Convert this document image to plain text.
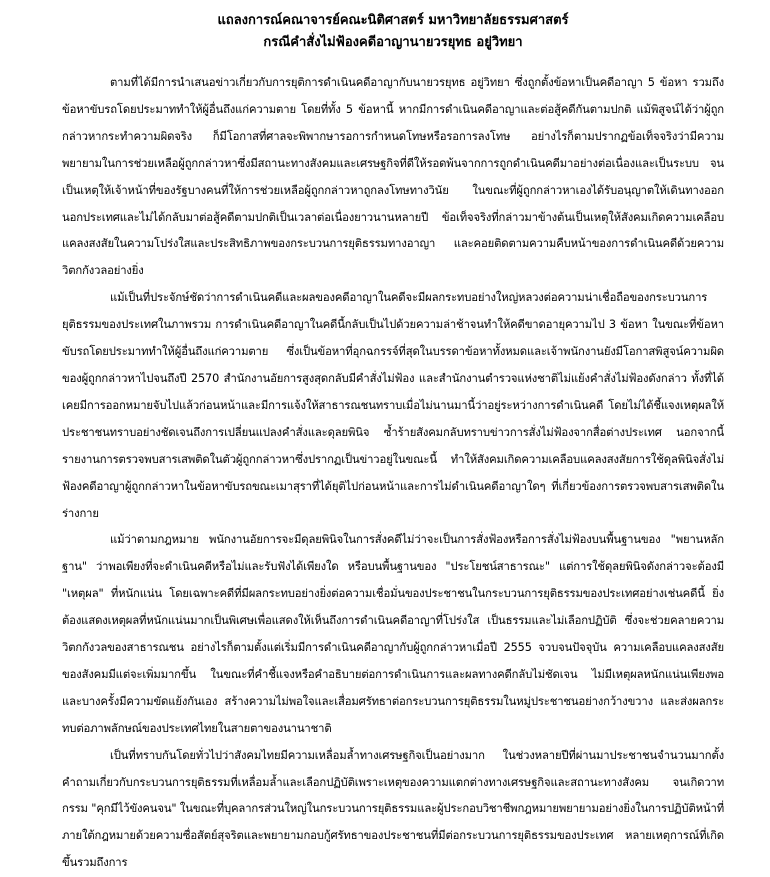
แถลงการณ์คณาจารย์คณะนิติศาสตร์ มหาวิทยาลัยธรรมศาสตร์

กรณีคำสั่งไม่ฟ้องคดีอาญานายวรยุทธ อยู่วิทยา

ตามที่ได้มีการนำเสนอข่าวเกี่ยวกับการยุติการดำเนินคดีอาญากับนายวรยุทธ อยู่วิทยา ซึ่งถูกตั้งข้อหาเป็นคดีอาญา 5 ข้อหา รวมถึงข้อหาขับรถโดยประมาททำให้ผู้อื่นถึงแก่ความตาย โดยที่ทั้ง 5 ข้อหานี้ หากมีการดำเนินคดีอาญาและต่อสู้คดีกันตามปกติ แม้พิสูจน์ได้ว่าผู้ถูกกล่าวหากระทำความผิดจริง ก็มีโอกาสที่ศาลจะพิพากษารอการกำหนดโทษหรือรอการลงโทษ อย่างไรก็ตามปรากฏข้อเท็จจริงว่ามีความพยายามในการช่วยเหลือผู้ถูกกล่าวหาซึ่งมีสถานะทางสังคมและเศรษฐกิจที่ดีให้รอดพ้นจากการถูกดำเนินคดีมาอย่างต่อเนื่องและเป็นระบบ จนเป็นเหตุให้เจ้าหน้าที่ของรัฐบางคนที่ให้การช่วยเหลือผู้ถูกกล่าวหาถูกลงโทษทางวินัย ในขณะที่ผู้ถูกกล่าวหาเองได้รับอนุญาตให้เดินทางออกนอกประเทศและไม่ได้กลับมาต่อสู้คดีตามปกติเป็นเวลาต่อเนื่องยาวนานหลายปี ข้อเท็จจริงที่กล่าวมาข้างต้นเป็นเหตุให้สังคมเกิดความเคลือบแคลงสงสัยในความโปร่งใสและประสิทธิภาพของกระบวนการยุติธรรมทางอาญา และคอยติดตามความคืบหน้าของการดำเนินคดีด้วยความวิตกกังวลอย่างยิ่ง

แม้เป็นที่ประจักษ์ชัดว่าการดำเนินคดีและผลของคดีอาญาในคดีจะมีผลกระทบอย่างใหญ่หลวงต่อความน่าเชื่อถือของกระบวนการยุติธรรมของประเทศในภาพรวม การดำเนินคดีอาญาในคดีนี้กลับเป็นไปด้วยความล่าช้าจนทำให้คดีขาดอายุความไป 3 ข้อหา ในขณะที่ข้อหาขับรถโดยประมาททำให้ผู้อื่นถึงแก่ความตาย ซึ่งเป็นข้อหาที่อุกฉกรรจ์ที่สุดในบรรดาข้อหาทั้งหมดและเจ้าพนักงานยังมีโอกาสพิสูจน์ความผิดของผู้ถูกกล่าวหาไปจนถึงปี 2570 สำนักงานอัยการสูงสุดกลับมีคำสั่งไม่ฟ้อง และสำนักงานตำรวจแห่งชาติไม่แย้งคำสั่งไม่ฟ้องดังกล่าว ทั้งที่ได้เคยมีการออกหมายจับไปแล้วก่อนหน้าและมีการแจ้งให้สาธารณชนทราบเมื่อไม่นานมานี้ว่าอยู่ระหว่างการดำเนินคดี โดยไม่ได้ชี้แจงเหตุผลให้ประชาชนทราบอย่างชัดเจนถึงการเปลี่ยนแปลงคำสั่งและดุลยพินิจ ซ้ำร้ายสังคมกลับทราบข่าวการสั่งไม่ฟ้องจากสื่อต่างประเทศ นอกจากนี้รายงานการตรวจพบสารเสพติดในตัวผู้ถูกกล่าวหาซึ่งปรากฏเป็นข่าวอยู่ในขณะนี้ ทำให้สังคมเกิดความเคลือบแคลงสงสัยการใช้ดุลพินิจสั่งไม่ฟ้องคดีอาญาผู้ถูกกล่าวหาในข้อหาขับรถขณะเมาสุราที่ได้ยุติไปก่อนหน้าและการไม่ดำเนินคดีอาญาใดๆ ที่เกี่ยวข้องการตรวจพบสารเสพติดในร่างกาย

แม้ว่าตามกฎหมาย พนักงานอัยการจะมีดุลยพินิจในการสั่งคดีไม่ว่าจะเป็นการสั่งฟ้องหรือการสั่งไม่ฟ้องบนพื้นฐานของ "พยานหลักฐาน" ว่าพอเพียงที่จะดำเนินคดีหรือไม่และรับฟังได้เพียงใด หรือบนพื้นฐานของ "ประโยชน์สาธารณะ" แต่การใช้ดุลยพินิจดังกล่าวจะต้องมี "เหตุผล" ที่หนักแน่น โดยเฉพาะคดีที่มีผลกระทบอย่างยิ่งต่อความเชื่อมั่นของประชาชนในกระบวนการยุติธรรมของประเทศอย่างเช่นคดีนี้ ยิ่งต้องแสดงเหตุผลที่หนักแน่นมากเป็นพิเศษเพื่อแสดงให้เห็นถึงการดำเนินคดีอาญาที่โปร่งใส เป็นธรรมและไม่เลือกปฏิบัติ ซึ่งจะช่วยคลายความวิตกกังวลของสาธารณชน อย่างไรก็ตามตั้งแต่เริ่มมีการดำเนินคดีอาญากับผู้ถูกกล่าวหาเมื่อปี 2555 จวบจนปัจจุบัน ความเคลือบแคลงสงสัยของสังคมมีแต่จะเพิ่มมากขึ้น ในขณะที่คำชี้แจงหรือคำอธิบายต่อการดำเนินการและผลทางคดีกลับไม่ชัดเจน ไม่มีเหตุผลหนักแน่นเพียงพอ และบางครั้งมีความขัดแย้งกันเอง สร้างความไม่พอใจและเสื่อมศรัทธาต่อกระบวนการยุติธรรมในหมู่ประชาชนอย่างกว้างขวาง และส่งผลกระทบต่อภาพลักษณ์ของประเทศไทยในสายตาของนานาชาติ

เป็นที่ทราบกันโดยทั่วไปว่าสังคมไทยมีความเหลื่อมล้ำทางเศรษฐกิจเป็นอย่างมาก ในช่วงหลายปีที่ผ่านมาประชาชนจำนวนมากตั้งคำถามเกี่ยวกับกระบวนการยุติธรรมที่เหลื่อมล้ำและเลือกปฏิบัติเพราะเหตุของความแตกต่างทางเศรษฐกิจและสถานะทางสังคม จนเกิดวาทกรรม "คุกมีไว้ขังคนจน" ในขณะที่บุคลากรส่วนใหญ่ในกระบวนการยุติธรรมและผู้ประกอบวิชาชีพกฎหมายพยายามอย่างยิ่งในการปฏิบัติหน้าที่ภายใต้กฎหมายด้วยความซื่อสัตย์สุจริตและพยายามกอบกู้ศรัทธาของประชาชนที่มีต่อกระบวนการยุติธรรมของประเทศ หลายเหตุการณ์ที่เกิดขึ้นรวมถึงการ
